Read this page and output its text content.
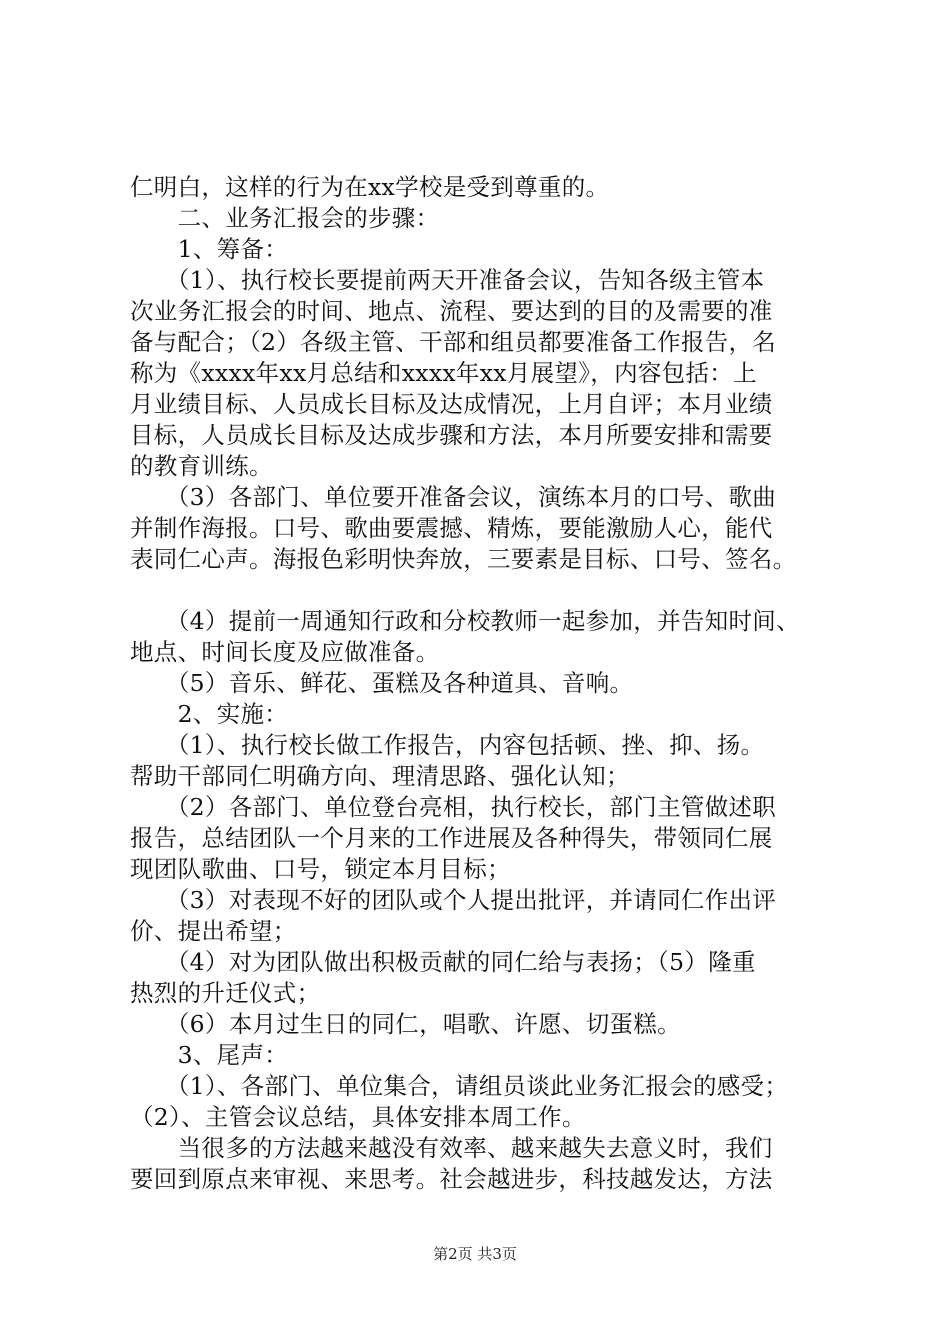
仁明白，这样的行为在xx学校是受到尊重的。
　　二、业务汇报会的步骤：
　　1、筹备：
　　（1）、执行校长要提前两天开准备会议，告知各级主管本
次业务汇报会的时间、地点、流程、要达到的目的及需要的准
备与配合；（2）各级主管、干部和组员都要准备工作报告，名
称为《xxxx年xx月总结和xxxx年xx月展望》，内容包括：上
月业绩目标、人员成长目标及达成情况，上月自评；本月业绩
目标，人员成长目标及达成步骤和方法，本月所要安排和需要
的教育训练。
　　（3）各部门、单位要开准备会议，演练本月的口号、歌曲
并制作海报。口号、歌曲要震撼、精炼，要能激励人心，能代
表同仁心声。海报色彩明快奔放，三要素是目标、口号、签名。
　　（4）提前一周通知行政和分校教师一起参加，并告知时间、
地点、时间长度及应做准备。
　　（5）音乐、鲜花、蛋糕及各种道具、音响。
　　2、实施：
　　（1）、执行校长做工作报告，内容包括顿、挫、抑、扬。
帮助干部同仁明确方向、理清思路、强化认知；
　　（2）各部门、单位登台亮相，执行校长，部门主管做述职
报告，总结团队一个月来的工作进展及各种得失，带领同仁展
现团队歌曲、口号，锁定本月目标；
　　（3）对表现不好的团队或个人提出批评，并请同仁作出评
价、提出希望；
　　（4）对为团队做出积极贡献的同仁给与表扬；（5）隆重
热烈的升迁仪式；
　　（6）本月过生日的同仁，唱歌、许愿、切蛋糕。
　　3、尾声：
　　（1）、各部门、单位集合，请组员谈此业务汇报会的感受；
（2）、主管会议总结，具体安排本周工作。
　　当很多的方法越来越没有效率、越来越失去意义时，我们
要回到原点来审视、来思考。社会越进步，科技越发达，方法
第2页 共3页
